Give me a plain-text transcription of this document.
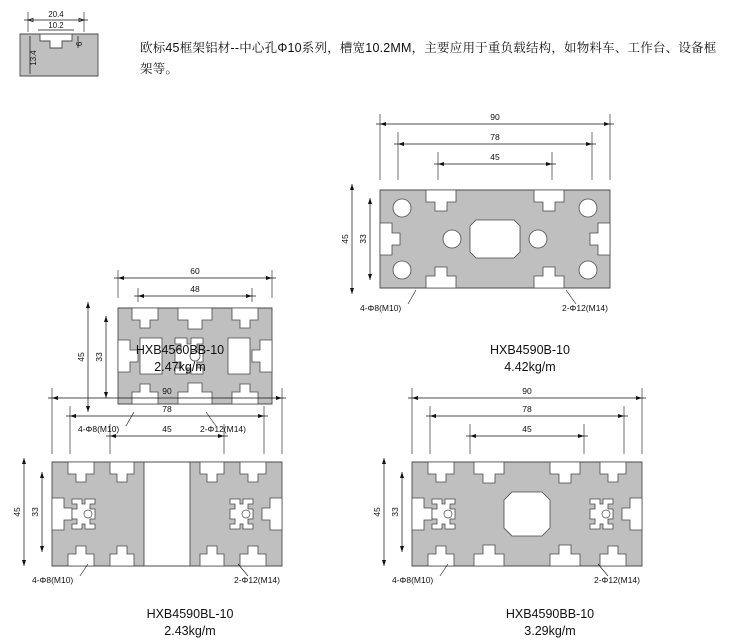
20.4
10.2
13.4
6	欧标45框架铝材--中心孔Φ10系列，槽宽10.2MM，主要应用于重负载结构，如物料车、工作台、设备框架等。
60
48
45 33
4-Φ8(M10)	2-Φ12(M14)
HXB4560BB-10
2.47kg/m
90
78
45
45 33
4-Φ8(M10)	2-Φ12(M14)
HXB4590B-10
4.42kg/m
90
78
45
45 33
4-Φ8(M10)	2-Φ12(M14)
HXB4590BL-10
2.43kg/m
90
78
45
45 33
4-Φ8(M10)	2-Φ12(M14)
HXB4590BB-10
3.29kg/m
